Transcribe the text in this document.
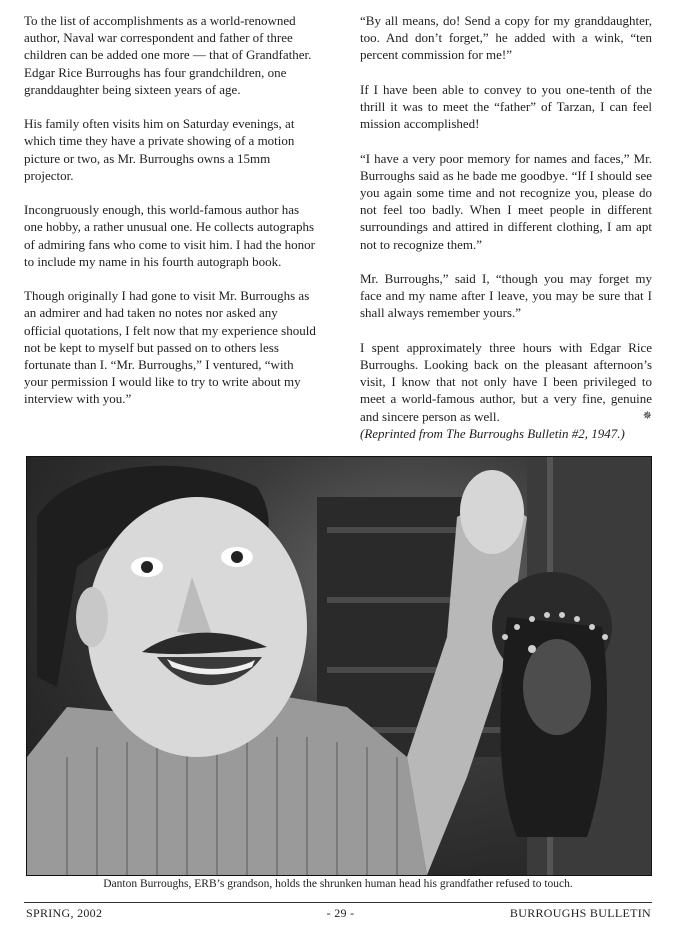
To the list of accomplishments as a world-renowned author, Naval war correspondent and father of three children can be added one more — that of Grandfather. Edgar Rice Burroughs has four grandchildren, one granddaughter being sixteen years of age.

His family often visits him on Saturday evenings, at which time they have a private showing of a motion picture or two, as Mr. Burroughs owns a 15mm projector.

Incongruously enough, this world-famous author has one hobby, a rather unusual one. He collects autographs of admiring fans who come to visit him. I had the honor to include my name in his fourth autograph book.

Though originally I had gone to visit Mr. Burroughs as an admirer and had taken no notes nor asked any official quotations, I felt now that my experience should not be kept to myself but passed on to others less fortunate than I. “Mr. Burroughs,” I ventured, “with your permission I would like to try to write about my interview with you.”

“By all means, do! Send a copy for my granddaughter, too. And don’t forget,” he added with a wink, “ten percent commission for me!”

If I have been able to convey to you one-tenth of the thrill it was to meet the “father” of Tarzan, I can feel mission accomplished!

“I have a very poor memory for names and faces,” Mr. Burroughs said as he bade me goodbye. “If I should see you again some time and not recognize you, please do not feel too badly. When I meet people in different surroundings and attired in different clothing, I am apt not to recognize them.”

Mr. Burroughs,” said I, “though you may forget my face and my name after I leave, you may be sure that I shall always remember yours.”

I spent approximately three hours with Edgar Rice Burroughs. Looking back on the pleasant afternoon’s visit, I know that not only have I been privileged to meet a world-famous author, but a very fine, genuine and sincere person as well.	✵

(Reprinted from The Burroughs Bulletin #2, 1947.)
Danton Burroughs, ERB’s grandson, holds the shrunken human head his grandfather refused to touch.
SPRING, 2002	- 29 -	BURROUGHS BULLETIN
